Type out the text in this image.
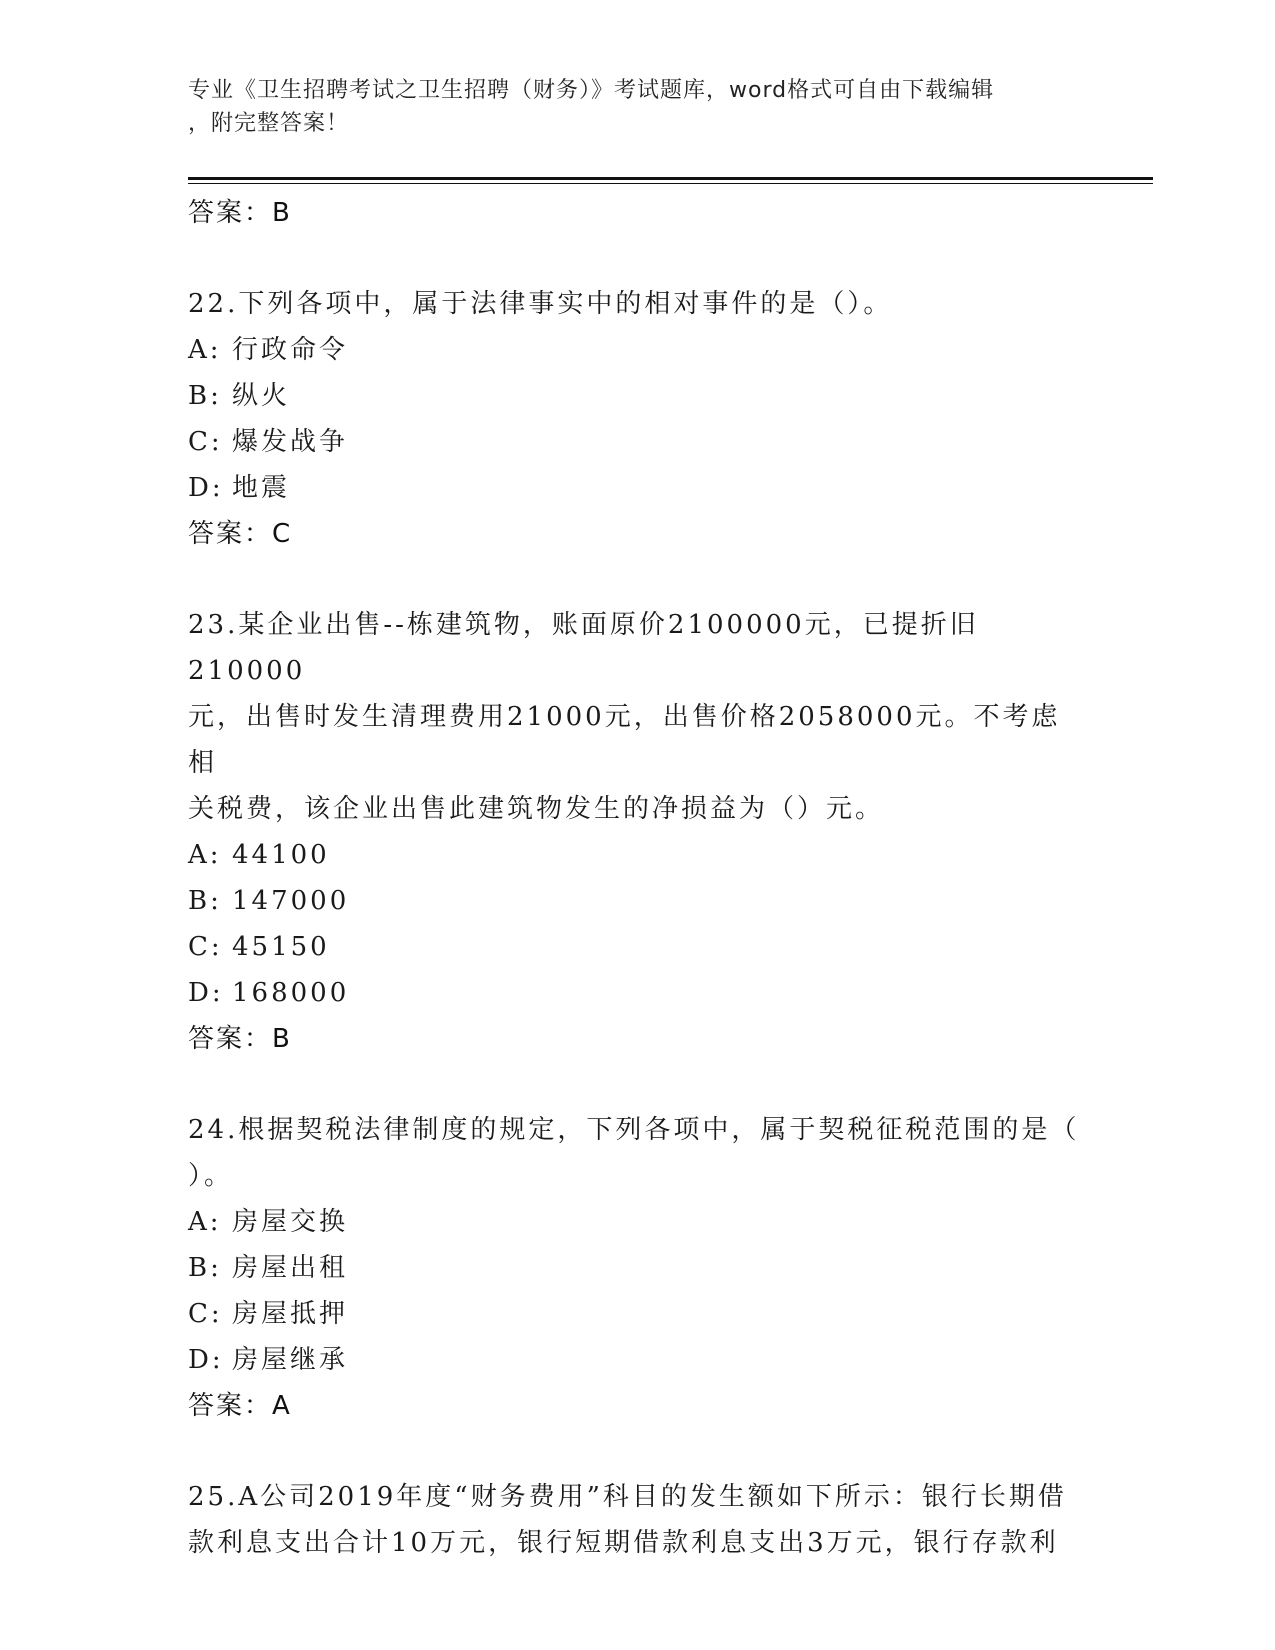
专业《卫生招聘考试之卫生招聘（财务）》考试题库，word格式可自由下载编辑
，附完整答案！
答案：B

22.下列各项中，属于法律事实中的相对事件的是（）。

A: 行政命令
B: 纵火
C: 爆发战争
D: 地震
答案：C

23.某企业出售--栋建筑物，账面原价2100000元，已提折旧210000

元，出售时发生清理费用21000元，出售价格2058000元。不考虑相

关税费，该企业出售此建筑物发生的净损益为（）元。

A: 44100
B: 147000
C: 45150
D: 168000
答案：B

24.根据契税法律制度的规定，下列各项中，属于契税征税范围的是（

）。

A: 房屋交换
B: 房屋出租
C: 房屋抵押
D: 房屋继承
答案：A

25.A公司2019年度“财务费用”科目的发生额如下所示：银行长期借

款利息支出合计10万元，银行短期借款利息支出3万元，银行存款利
